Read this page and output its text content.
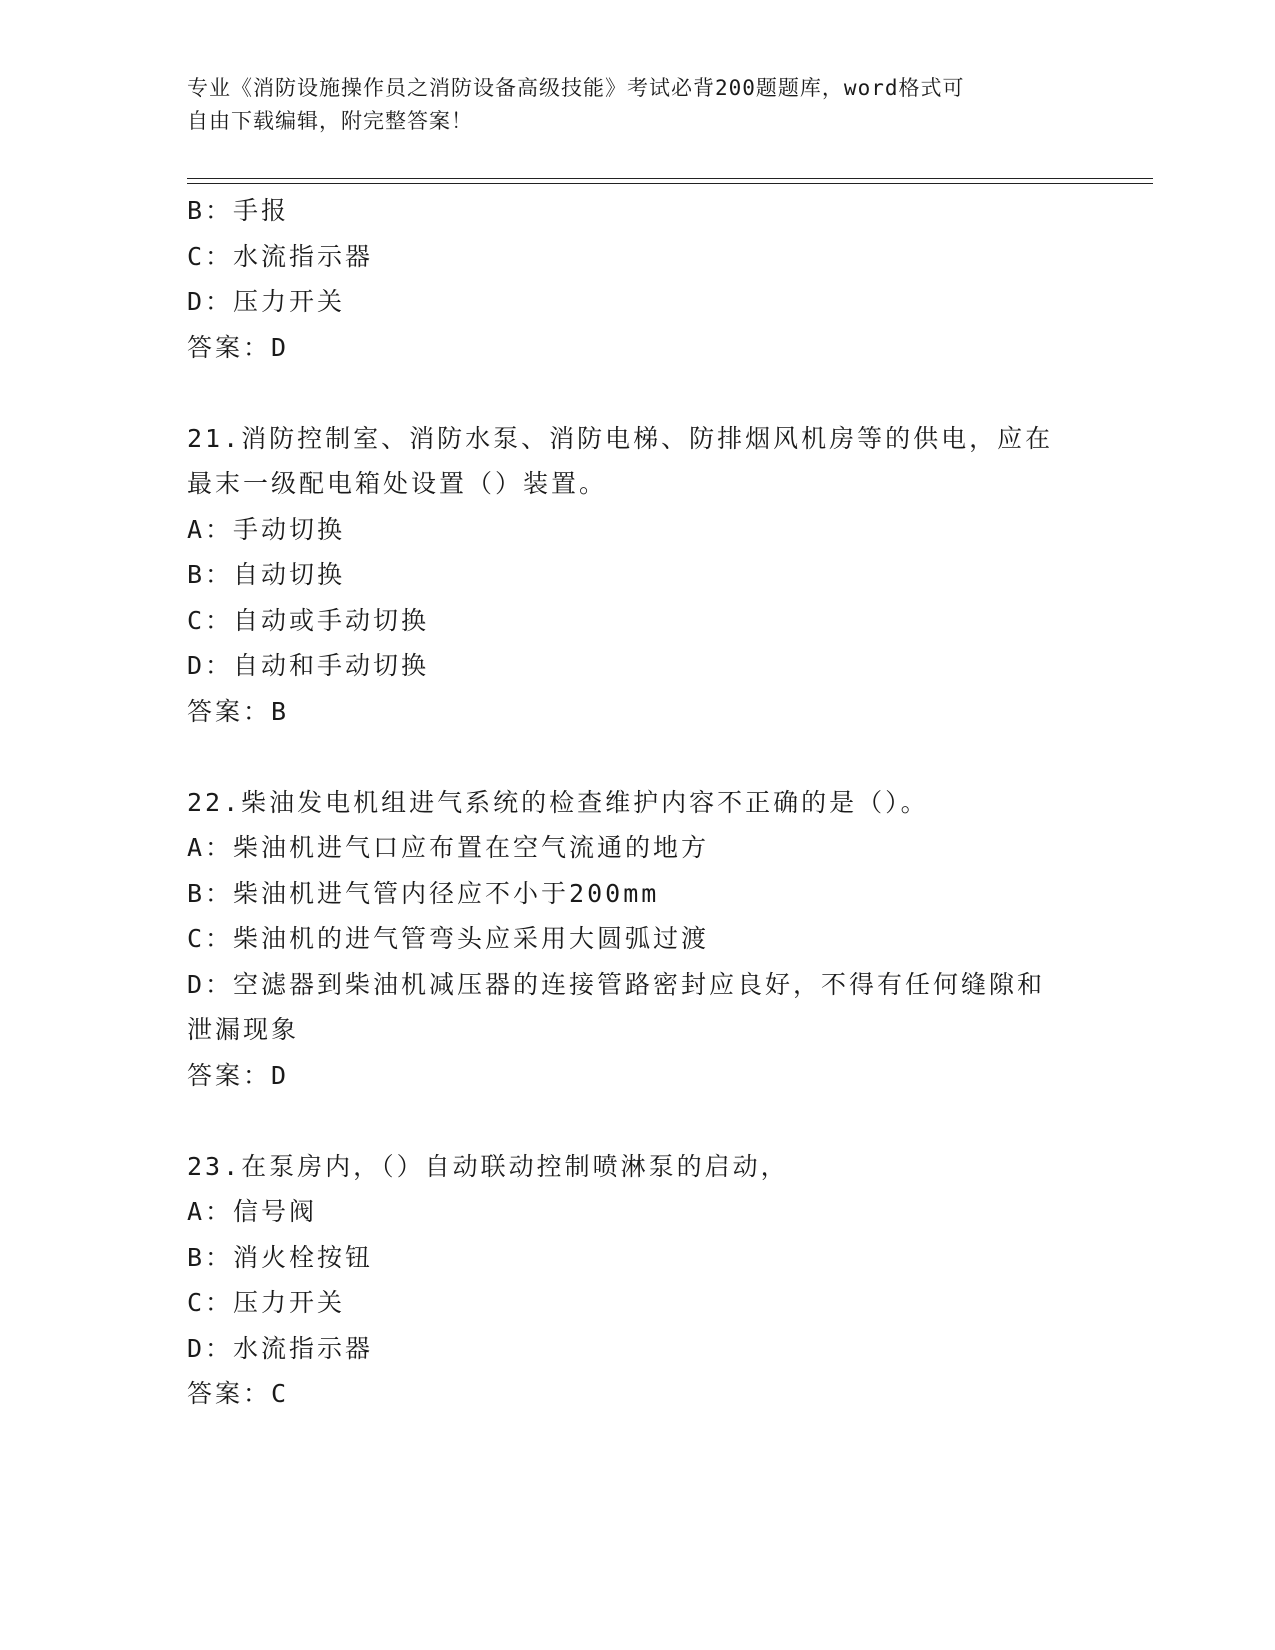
专业《消防设施操作员之消防设备高级技能》考试必背200题题库，word格式可
自由下载编辑，附完整答案！
B：手报
C：水流指示器
D：压力开关
答案：D
21.消防控制室、消防水泵、消防电梯、防排烟风机房等的供电，应在
最末一级配电箱处设置（）装置。
A：手动切换
B：自动切换
C：自动或手动切换
D：自动和手动切换
答案：B
22.柴油发电机组进气系统的检查维护内容不正确的是（）。
A：柴油机进气口应布置在空气流通的地方
B：柴油机进气管内径应不小于200mm
C：柴油机的进气管弯头应采用大圆弧过渡
D：空滤器到柴油机减压器的连接管路密封应良好，不得有任何缝隙和
泄漏现象
答案：D
23.在泵房内，（）自动联动控制喷淋泵的启动，
A：信号阀
B：消火栓按钮
C：压力开关
D：水流指示器
答案：C
